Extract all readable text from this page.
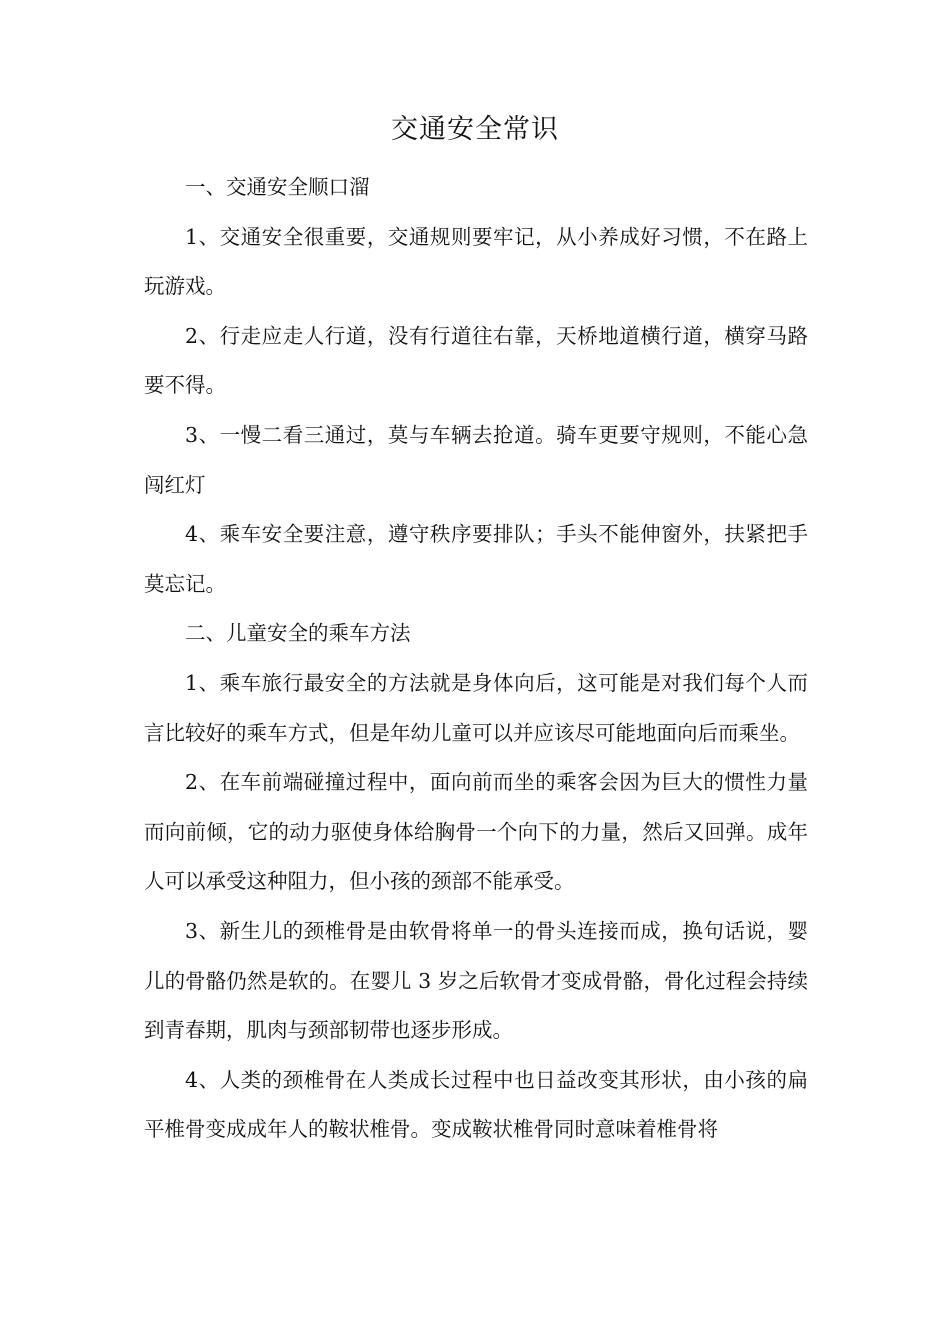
交通安全常识

一、交通安全顺口溜

1、交通安全很重要，交通规则要牢记，从小养成好习惯，不在路上玩游戏。

2、行走应走人行道，没有行道往右靠，天桥地道横行道，横穿马路要不得。

3、一慢二看三通过，莫与车辆去抢道。骑车更要守规则，不能心急闯红灯

4、乘车安全要注意，遵守秩序要排队；手头不能伸窗外，扶紧把手莫忘记。

二、儿童安全的乘车方法

1、乘车旅行最安全的方法就是身体向后，这可能是对我们每个人而言比较好的乘车方式，但是年幼儿童可以并应该尽可能地面向后而乘坐。

2、在车前端碰撞过程中，面向前而坐的乘客会因为巨大的惯性力量而向前倾，它的动力驱使身体给胸骨一个向下的力量，然后又回弹。成年人可以承受这种阻力，但小孩的颈部不能承受。

3、新生儿的颈椎骨是由软骨将单一的骨头连接而成，换句话说，婴儿的骨骼仍然是软的。在婴儿 3 岁之后软骨才变成骨骼，骨化过程会持续到青春期，肌肉与颈部韧带也逐步形成。

4、人类的颈椎骨在人类成长过程中也日益改变其形状，由小孩的扁平椎骨变成成年人的鞍状椎骨。变成鞍状椎骨同时意味着椎骨将
